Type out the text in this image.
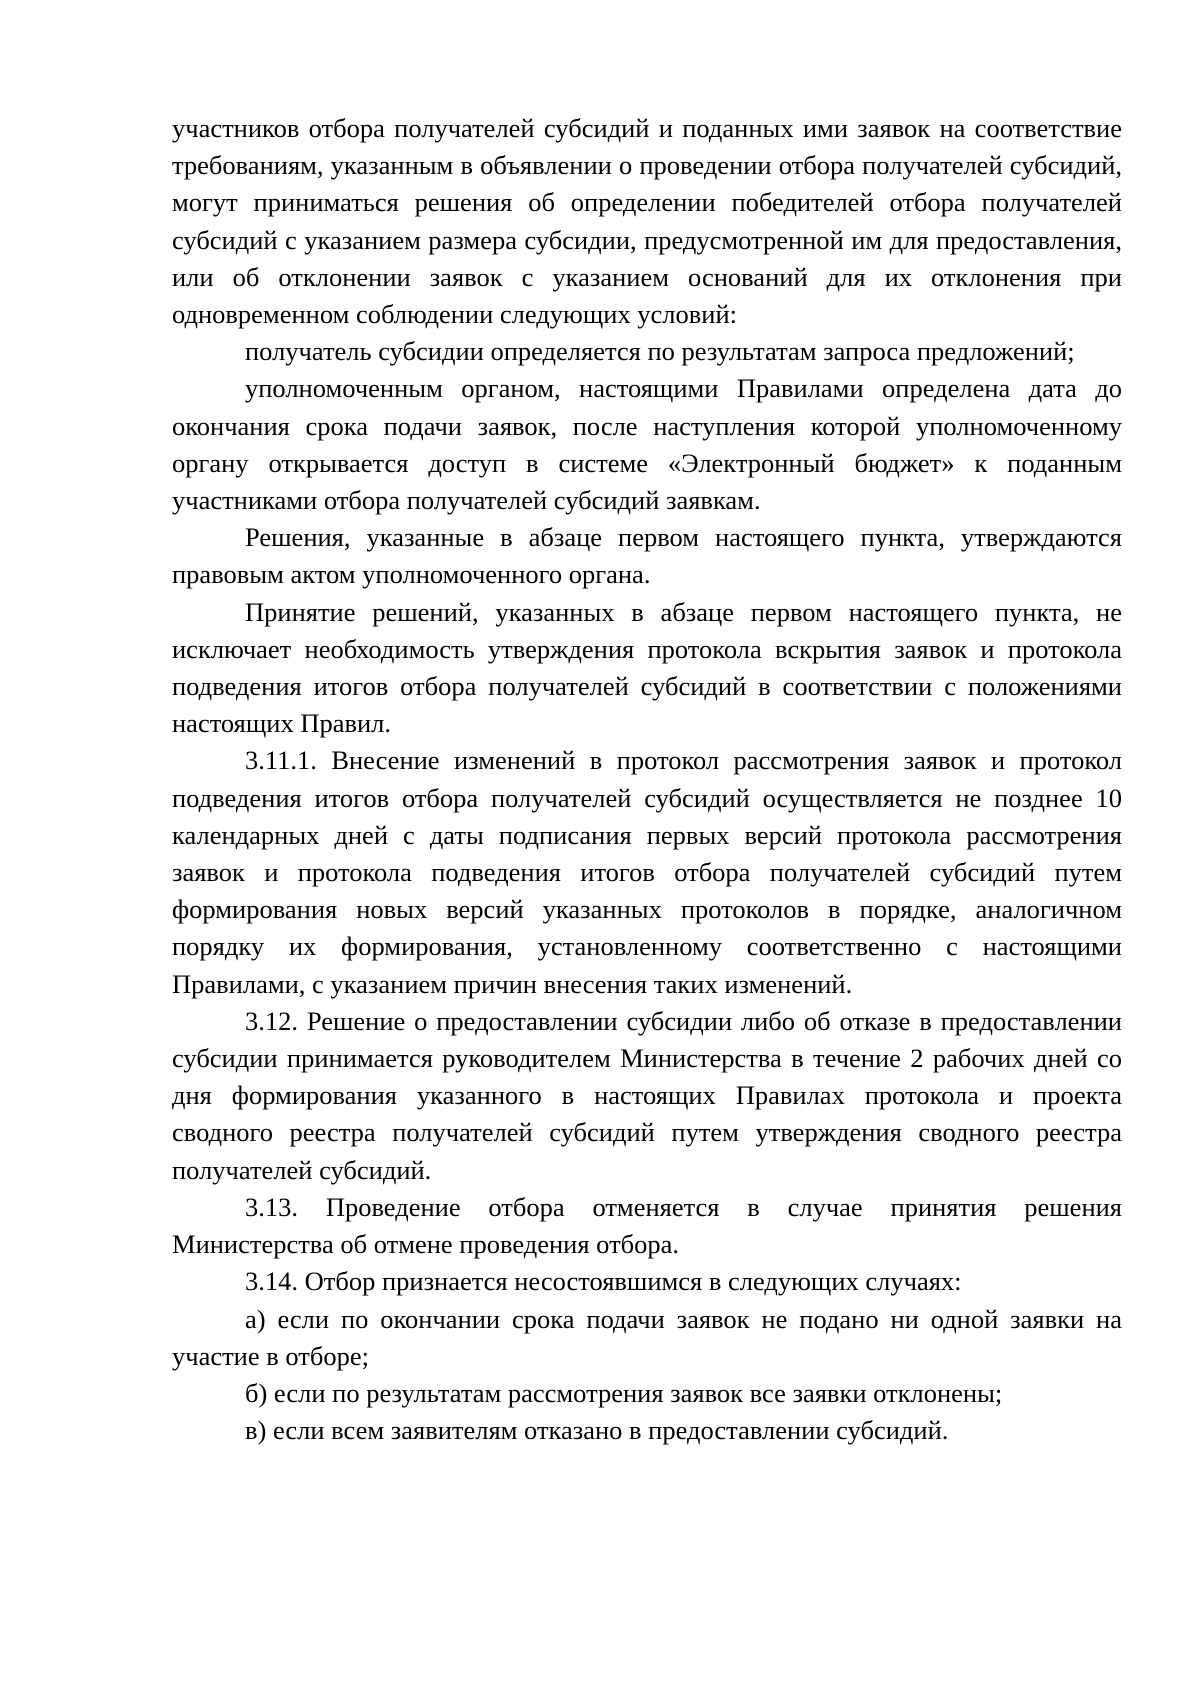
участников отбора получателей субсидий и поданных ими заявок на соответствие требованиям, указанным в объявлении о проведении отбора получателей субсидий, могут приниматься решения об определении победителей отбора получателей субсидий с указанием размера субсидии, предусмотренной им для предоставления, или об отклонении заявок с указанием оснований для их отклонения при одновременном соблюдении следующих условий:

получатель субсидии определяется по результатам запроса предложений;

уполномоченным органом, настоящими Правилами определена дата до окончания срока подачи заявок, после наступления которой уполномоченному органу открывается доступ в системе «Электронный бюджет» к поданным участниками отбора получателей субсидий заявкам.

Решения, указанные в абзаце первом настоящего пункта, утверждаются правовым актом уполномоченного органа.

Принятие решений, указанных в абзаце первом настоящего пункта, не исключает необходимость утверждения протокола вскрытия заявок и протокола подведения итогов отбора получателей субсидий в соответствии с положениями настоящих Правил.

3.11.1. Внесение изменений в протокол рассмотрения заявок и протокол подведения итогов отбора получателей субсидий осуществляется не позднее 10 календарных дней с даты подписания первых версий протокола рассмотрения заявок и протокола подведения итогов отбора получателей субсидий путем формирования новых версий указанных протоколов в порядке, аналогичном порядку их формирования, установленному соответственно с настоящими Правилами, с указанием причин внесения таких изменений.

3.12. Решение о предоставлении субсидии либо об отказе в предоставлении субсидии принимается руководителем Министерства в течение 2 рабочих дней со дня формирования указанного в настоящих Правилах протокола и проекта сводного реестра получателей субсидий путем утверждения сводного реестра получателей субсидий.

3.13. Проведение отбора отменяется в случае принятия решения Министерства об отмене проведения отбора.

3.14. Отбор признается несостоявшимся в следующих случаях:

а) если по окончании срока подачи заявок не подано ни одной заявки на участие в отборе;

б) если по результатам рассмотрения заявок все заявки отклонены;

в) если всем заявителям отказано в предоставлении субсидий.
